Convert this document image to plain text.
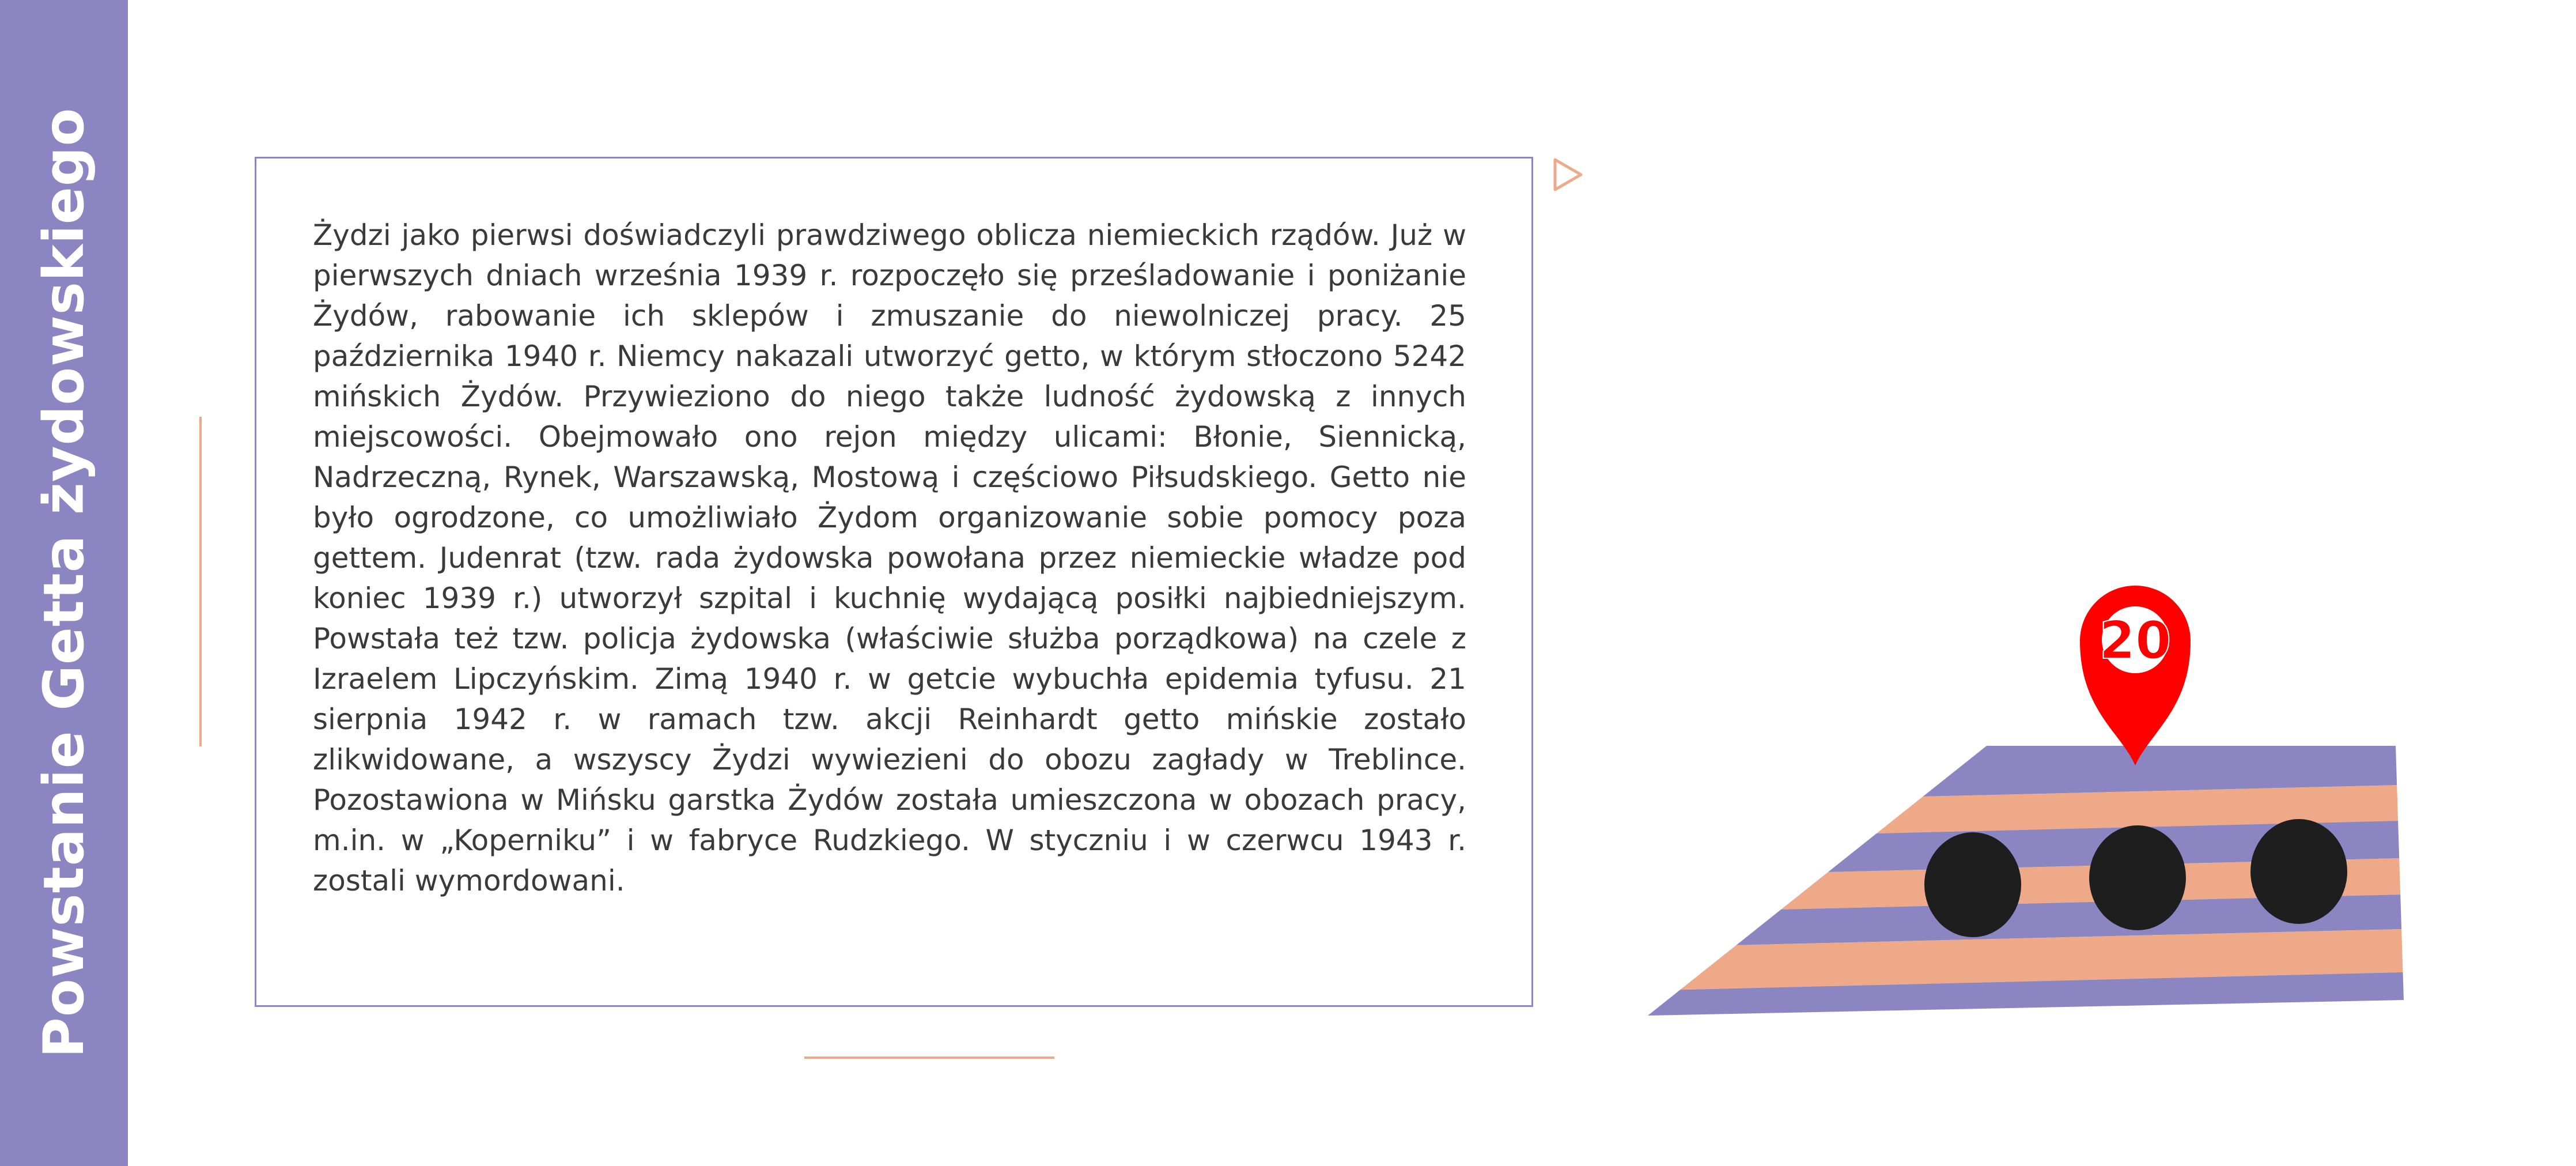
Powstanie Getta żydowskiego	Żydzi jako pierwsi doświadczyli prawdziwego oblicza niemieckich rządów. Już w pierwszych dniach września 1939 r. rozpoczęło się prześladowanie i poniżanie Żydów, rabowanie ich sklepów i zmuszanie do niewolniczej pracy. 25 października 1940 r. Niemcy nakazali utworzyć getto, w którym stłoczono 5242 mińskich Żydów. Przywieziono do niego także ludność żydowską z innych miejscowości. Obejmowało ono rejon między ulicami: Błonie, Siennicką, Nadrzeczną, Rynek, Warszawską, Mostową i częściowo Piłsudskiego. Getto nie było ogrodzone, co umożliwiało Żydom organizowanie sobie pomocy poza gettem. Judenrat (tzw. rada żydowska powołana przez niemieckie władze pod koniec 1939 r.) utworzył szpital i kuchnię wydającą posiłki najbiedniejszym. Powstała też tzw. policja żydowska (właściwie służba porządkowa) na czele z Izraelem Lipczyńskim. Zimą 1940 r. w getcie wybuchła epidemia tyfusu. 21 sierpnia 1942 r. w ramach tzw. akcji Reinhardt getto mińskie zostało zlikwidowane, a wszyscy Żydzi wywiezieni do obozu zagłady w Treblince. Pozostawiona w Mińsku garstka Żydów została umieszczona w obozach pracy, m.in. w „Koperniku” i w fabryce Rudzkiego. W styczniu i w czerwcu 1943 r. zostali wymordowani.

20
